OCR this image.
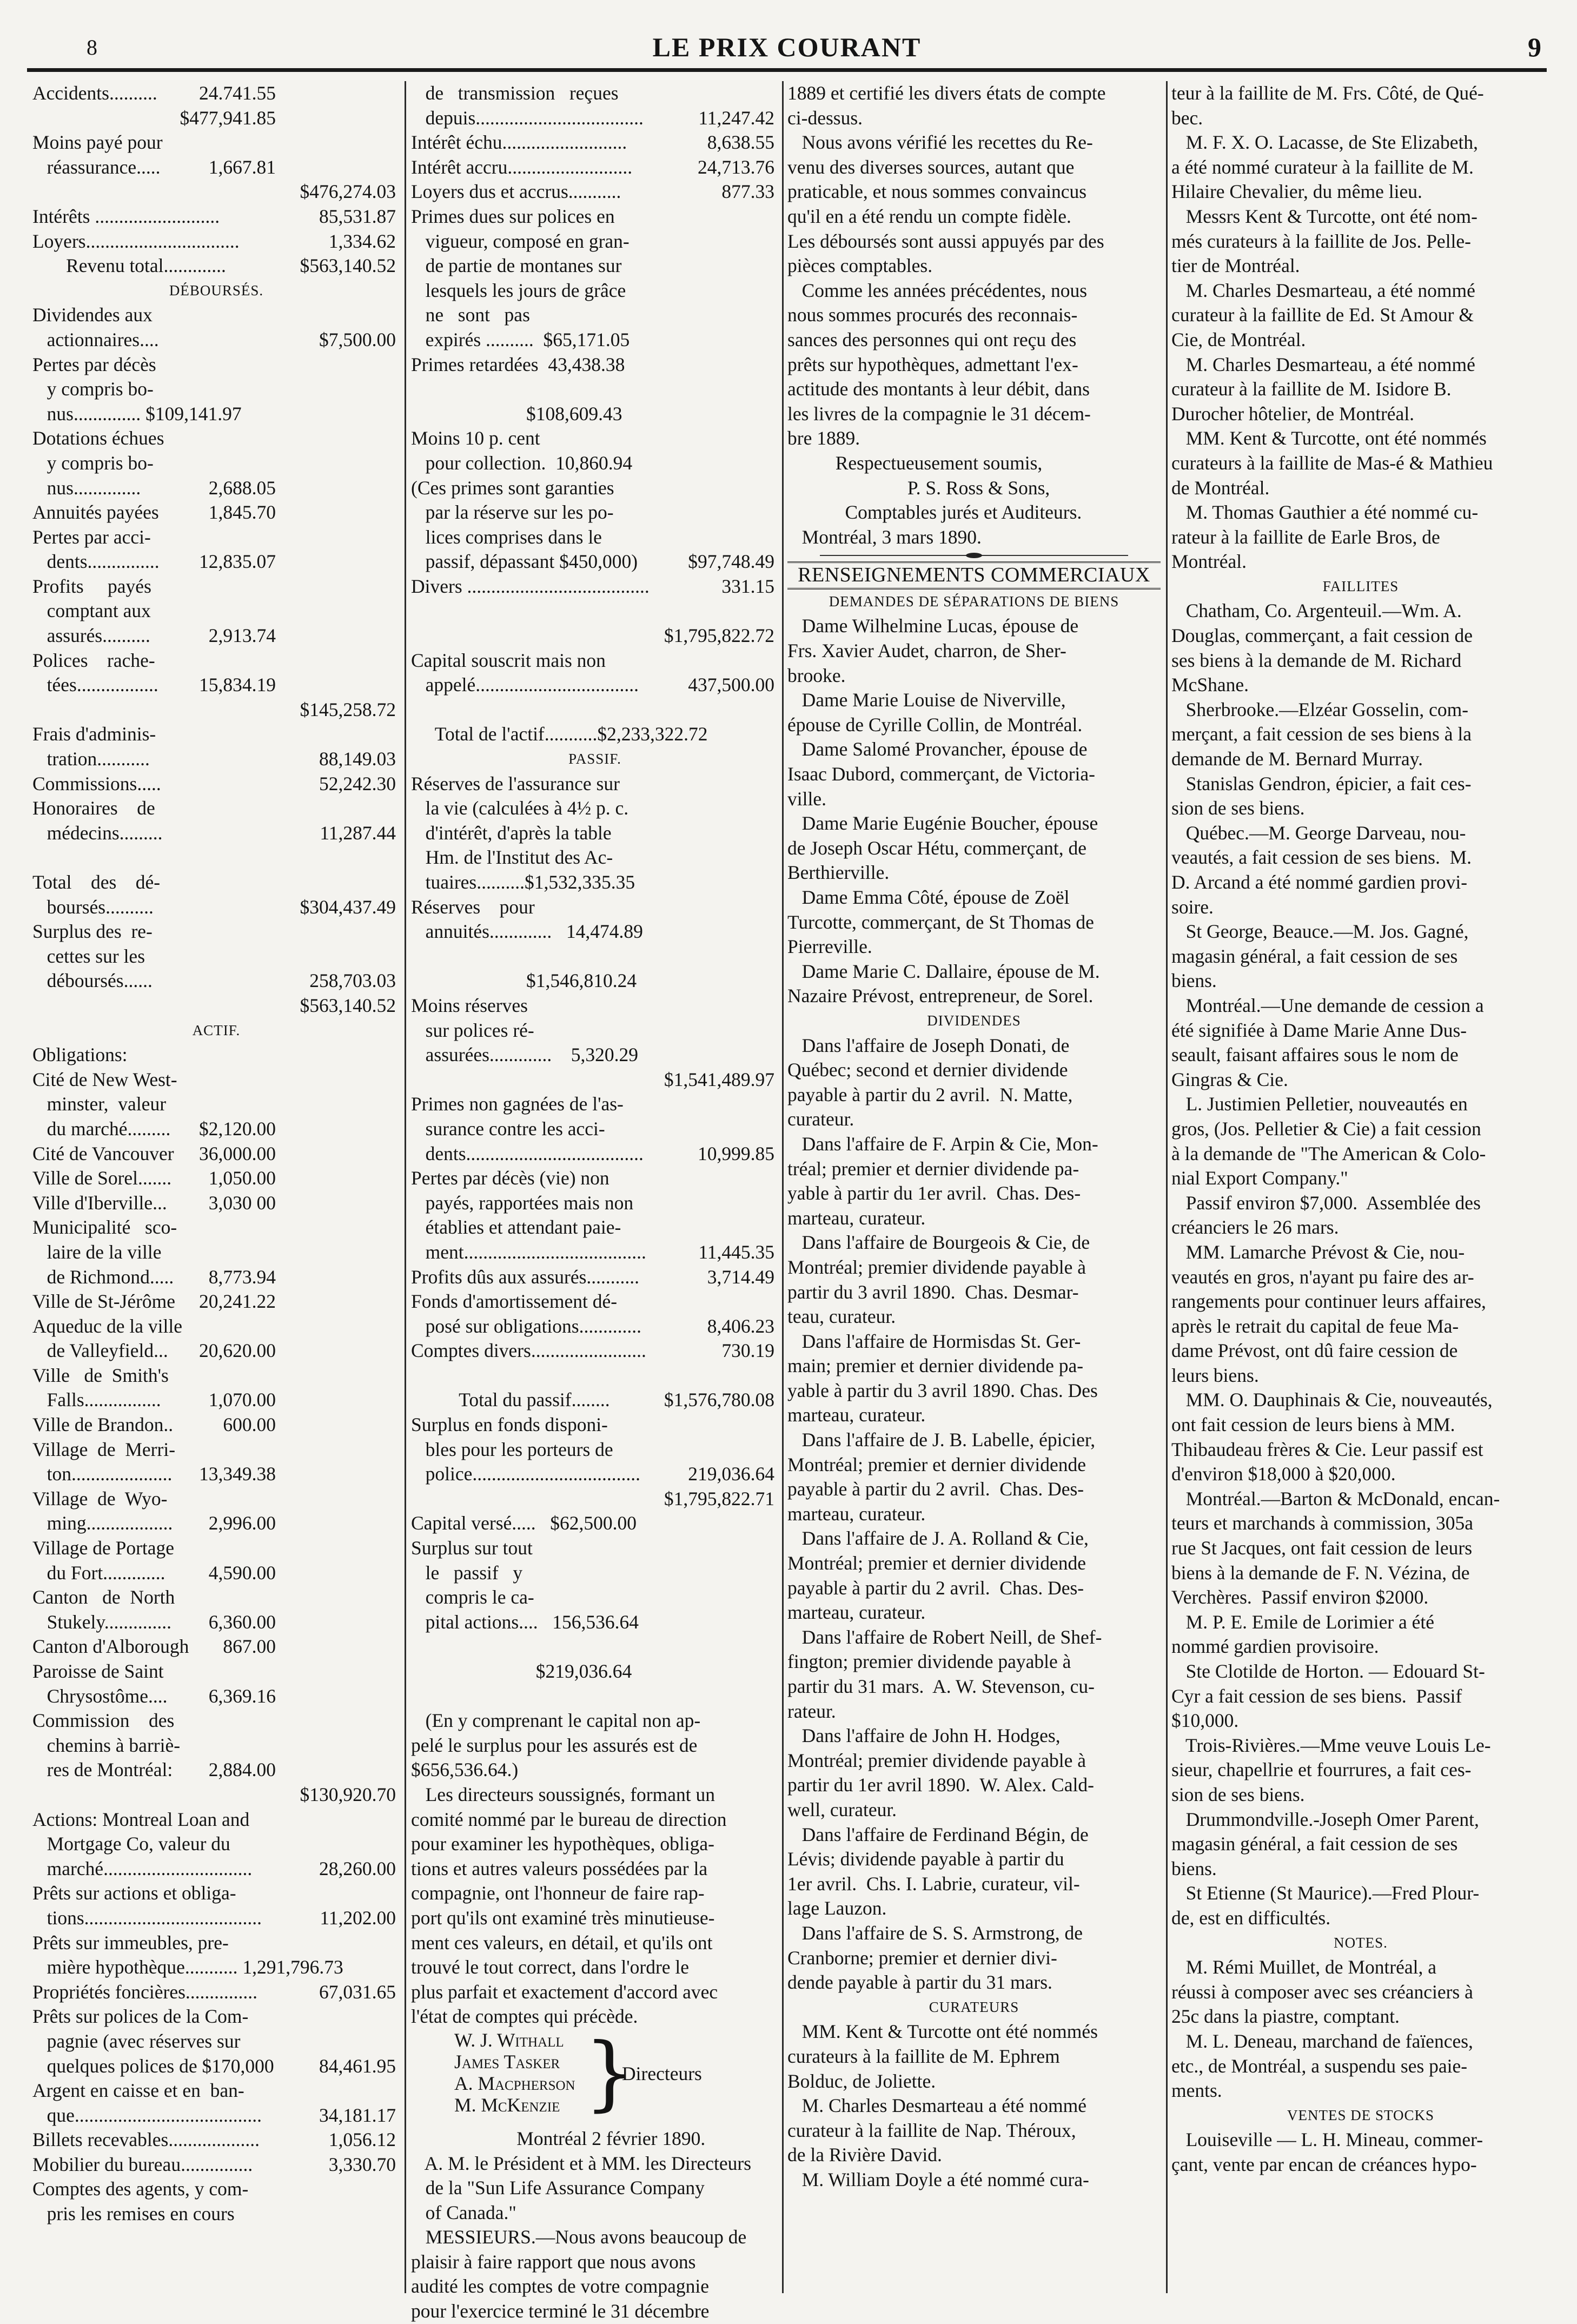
8	LE PRIX COURANT	9
Accidents.......... 24.741.55
$477,941.85
Moins payé pour
réassurance.....	1,667.81
$476,274.03
Intérêts ..........................	85,531.87
Loyers................................	1,334.62
Revenu total.............	$563,140.52
DÉBOURSÉS.
Dividendes aux
actionnaires....	$7,500.00
Pertes par décès
y compris bo-
nus.............. $109,141.97
Dotations échues
y compris bo-
nus..............	2,688.05
Annuités payées	1,845.70
Pertes par acci-
dents............... 12,835.07
Profits     payés
comptant aux
assurés..........	2,913.74
Polices    rache-
tées................. 15,834.19
$145,258.72
Frais d'adminis-
tration...........	88,149.03
Commissions.....	52,242.30
Honoraires    de
médecins.........	11,287.44
Total    des    dé-
boursés..........	$304,437.49
Surplus des  re-
cettes sur les
déboursés......	258,703.03
$563,140.52
ACTIF.
Obligations:
Cité de New West-
minster,  valeur
du marché......... $2,120.00
Cité de Vancouver 36,000.00
Ville de Sorel....... 1,050.00
Ville d'Iberville... 3,030 00
Municipalité   sco-
laire de la ville
de Richmond..... 8,773.94
Ville de St-Jérôme 20,241.22
Aqueduc de la ville
de Valleyfield... 20,620.00
Ville   de  Smith's
Falls................ 1,070.00
Ville de Brandon..	600.00
Village  de  Merri-
ton..................... 13,349.38
Village  de  Wyo-
ming.................. 2,996.00
Village de Portage
du Fort............. 4,590.00
Canton   de  North
Stukely.............. 6,360.00
Canton d'Alborough 867.00
Paroisse de Saint
Chrysostôme.... 6,369.16
Commission    des
chemins à barriè-
res de Montréal: 2,884.00
$130,920.70
Actions: Montreal Loan and
Mortgage Co, valeur du
marché...............................	28,260.00
Prêts sur actions et obliga-
tions.....................................	11,202.00
Prêts sur immeubles, pre-
mière hypothèque........... 1,291,796.73
Propriétés foncières...............	67,031.65
Prêts sur polices de la Com-
pagnie (avec réserves sur
quelques polices de $170,000 84,461.95
Argent en caisse et en  ban-
que.......................................	34,181.17
Billets recevables...................	1,056.12
Mobilier du bureau...............	3,330.70
Comptes des agents, y com-
pris les remises en cours
de   transmission   reçues
depuis...................................	11,247.42
Intérêt échu..........................	8,638.55
Intérêt accru..........................	24,713.76
Loyers dus et accrus...........	877.33
Primes dues sur polices en
vigueur, composé en gran-
de partie de montanes sur
lesquels les jours de grâce
ne   sont   pas
expirés ..........  $65,171.05
Primes retardées  43,438.38
$108,609.43
Moins 10 p. cent
pour collection.  10,860.94
(Ces primes sont garanties
par la réserve sur les po-
lices comprises dans le
passif, dépassant $450,000)	$97,748.49
Divers ......................................	331.15
$1,795,822.72
Capital souscrit mais non
appelé..................................	437,500.00
Total de l'actif...........$2,233,322.72
PASSIF.
Réserves de l'assurance sur
la vie (calculées à 4½ p. c.
d'intérêt, d'après la table
Hm. de l'Institut des Ac-
tuaires..........$1,532,335.35
Réserves    pour
annuités.............   14,474.89
$1,546,810.24
Moins réserves
sur polices ré-
assurées.............    5,320.29
$1,541,489.97
Primes non gagnées de l'as-
surance contre les acci-
dents.....................................	10,999.85
Pertes par décès (vie) non
payés, rapportées mais non
établies et attendant paie-
ment......................................	11,445.35
Profits dûs aux assurés...........	3,714.49
Fonds d'amortissement dé-
posé sur obligations.............	8,406.23
Comptes divers........................	730.19
Total du passif........	$1,576,780.08
Surplus en fonds disponi-
bles pour les porteurs de
police................................... 219,036.64
$1,795,822.71
Capital versé.....   $62,500.00
Surplus sur tout
le   passif   y
compris le ca-
pital actions....   156,536.64
$219,036.64
(En y comprenant le capital non ap-
pelé le surplus pour les assurés est de
$656,536.64.)
Les directeurs soussignés, formant un
comité nommé par le bureau de direction
pour examiner les hypothèques, obliga-
tions et autres valeurs possédées par la
compagnie, ont l'honneur de faire rap-
port qu'ils ont examiné très minutieuse-
ment ces valeurs, en détail, et qu'ils ont
trouvé le tout correct, dans l'ordre le
plus parfait et exactement d'accord avec
l'état de comptes qui précède.
W. J. Withall
James Tasker
A. Macpherson
M. McKenzie }
Directeurs
Montréal 2 février 1890.
A. M. le Président et à MM. les Directeurs
de la "Sun Life Assurance Company
of Canada."
MESSIEURS.—Nous avons beaucoup de
plaisir à faire rapport que nous avons
audité les comptes de votre compagnie
pour l'exercice terminé le 31 décembre
1889 et certifié les divers états de compte
ci-dessus.
Nous avons vérifié les recettes du Re-
venu des diverses sources, autant que
praticable, et nous sommes convaincus
qu'il en a été rendu un compte fidèle.
Les déboursés sont aussi appuyés par des
pièces comptables.
Comme les années précédentes, nous
nous sommes procurés des reconnais-
sances des personnes qui ont reçu des
prêts sur hypothèques, admettant l'ex-
actitude des montants à leur débit, dans
les livres de la compagnie le 31 décem-
bre 1889.
Respectueusement soumis,
P. S. Ross & Sons,
Comptables jurés et Auditeurs.
Montréal, 3 mars 1890.
RENSEIGNEMENTS COMMERCIAUX
DEMANDES DE SÉPARATIONS DE BIENS
Dame Wilhelmine Lucas, épouse de
Frs. Xavier Audet, charron, de Sher-
brooke.
Dame Marie Louise de Niverville,
épouse de Cyrille Collin, de Montréal.
Dame Salomé Provancher, épouse de
Isaac Dubord, commerçant, de Victoria-
ville.
Dame Marie Eugénie Boucher, épouse
de Joseph Oscar Hétu, commerçant, de
Berthierville.
Dame Emma Côté, épouse de Zoël
Turcotte, commerçant, de St Thomas de
Pierreville.
Dame Marie C. Dallaire, épouse de M.
Nazaire Prévost, entrepreneur, de Sorel.
DIVIDENDES
Dans l'affaire de Joseph Donati, de
Québec; second et dernier dividende
payable à partir du 2 avril.  N. Matte,
curateur.
Dans l'affaire de F. Arpin & Cie, Mon-
tréal; premier et dernier dividende pa-
yable à partir du 1er avril.  Chas. Des-
marteau, curateur.
Dans l'affaire de Bourgeois & Cie, de
Montréal; premier dividende payable à
partir du 3 avril 1890.  Chas. Desmar-
teau, curateur.
Dans l'affaire de Hormisdas St. Ger-
main; premier et dernier dividende pa-
yable à partir du 3 avril 1890. Chas. Des
marteau, curateur.
Dans l'affaire de J. B. Labelle, épicier,
Montréal; premier et dernier dividende
payable à partir du 2 avril.  Chas. Des-
marteau, curateur.
Dans l'affaire de J. A. Rolland & Cie,
Montréal; premier et dernier dividende
payable à partir du 2 avril.  Chas. Des-
marteau, curateur.
Dans l'affaire de Robert Neill, de Shef-
fington; premier dividende payable à
partir du 31 mars.  A. W. Stevenson, cu-
rateur.
Dans l'affaire de John H. Hodges,
Montréal; premier dividende payable à
partir du 1er avril 1890.  W. Alex. Cald-
well, curateur.
Dans l'affaire de Ferdinand Bégin, de
Lévis; dividende payable à partir du
1er avril.  Chs. I. Labrie, curateur, vil-
lage Lauzon.
Dans l'affaire de S. S. Armstrong, de
Cranborne; premier et dernier divi-
dende payable à partir du 31 mars.
CURATEURS
MM. Kent & Turcotte ont été nommés
curateurs à la faillite de M. Ephrem
Bolduc, de Joliette.
M. Charles Desmarteau a été nommé
curateur à la faillite de Nap. Théroux,
de la Rivière David.
M. William Doyle a été nommé cura-
teur à la faillite de M. Frs. Côté, de Qué-
bec.
M. F. X. O. Lacasse, de Ste Elizabeth,
a été nommé curateur à la faillite de M.
Hilaire Chevalier, du même lieu.
Messrs Kent & Turcotte, ont été nom-
més curateurs à la faillite de Jos. Pelle-
tier de Montréal.
M. Charles Desmarteau, a été nommé
curateur à la faillite de Ed. St Amour &
Cie, de Montréal.
M. Charles Desmarteau, a été nommé
curateur à la faillite de M. Isidore B.
Durocher hôtelier, de Montréal.
MM. Kent & Turcotte, ont été nommés
curateurs à la faillite de Mas-é & Mathieu
de Montréal.
M. Thomas Gauthier a été nommé cu-
rateur à la faillite de Earle Bros, de
Montréal.
FAILLITES
Chatham, Co. Argenteuil.—Wm. A.
Douglas, commerçant, a fait cession de
ses biens à la demande de M. Richard
McShane.
Sherbrooke.—Elzéar Gosselin, com-
merçant, a fait cession de ses biens à la
demande de M. Bernard Murray.
Stanislas Gendron, épicier, a fait ces-
sion de ses biens.
Québec.—M. George Darveau, nou-
veautés, a fait cession de ses biens.  M.
D. Arcand a été nommé gardien provi-
soire.
St George, Beauce.—M. Jos. Gagné,
magasin général, a fait cession de ses
biens.
Montréal.—Une demande de cession a
été signifiée à Dame Marie Anne Dus-
seault, faisant affaires sous le nom de
Gingras & Cie.
L. Justimien Pelletier, nouveautés en
gros, (Jos. Pelletier & Cie) a fait cession
à la demande de "The American & Colo-
nial Export Company."
Passif environ $7,000.  Assemblée des
créanciers le 26 mars.
MM. Lamarche Prévost & Cie, nou-
veautés en gros, n'ayant pu faire des ar-
rangements pour continuer leurs affaires,
après le retrait du capital de feue Ma-
dame Prévost, ont dû faire cession de
leurs biens.
MM. O. Dauphinais & Cie, nouveautés,
ont fait cession de leurs biens à MM.
Thibaudeau frères & Cie. Leur passif est
d'environ $18,000 à $20,000.
Montréal.—Barton & McDonald, encan-
teurs et marchands à commission, 305a
rue St Jacques, ont fait cession de leurs
biens à la demande de F. N. Vézina, de
Verchères.  Passif environ $2000.
M. P. E. Emile de Lorimier a été
nommé gardien provisoire.
Ste Clotilde de Horton. — Edouard St-
Cyr a fait cession de ses biens.  Passif
$10,000.
Trois-Rivières.—Mme veuve Louis Le-
sieur, chapellrie et fourrures, a fait ces-
sion de ses biens.
Drummondville.-Joseph Omer Parent,
magasin général, a fait cession de ses
biens.
St Etienne (St Maurice).—Fred Plour-
de, est en difficultés.
NOTES.
M. Rémi Muillet, de Montréal, a
réussi à composer avec ses créanciers à
25c dans la piastre, comptant.
M. L. Deneau, marchand de faïences,
etc., de Montréal, a suspendu ses paie-
ments.
VENTES DE STOCKS
Louiseville — L. H. Mineau, commer-
çant, vente par encan de créances hypo-
